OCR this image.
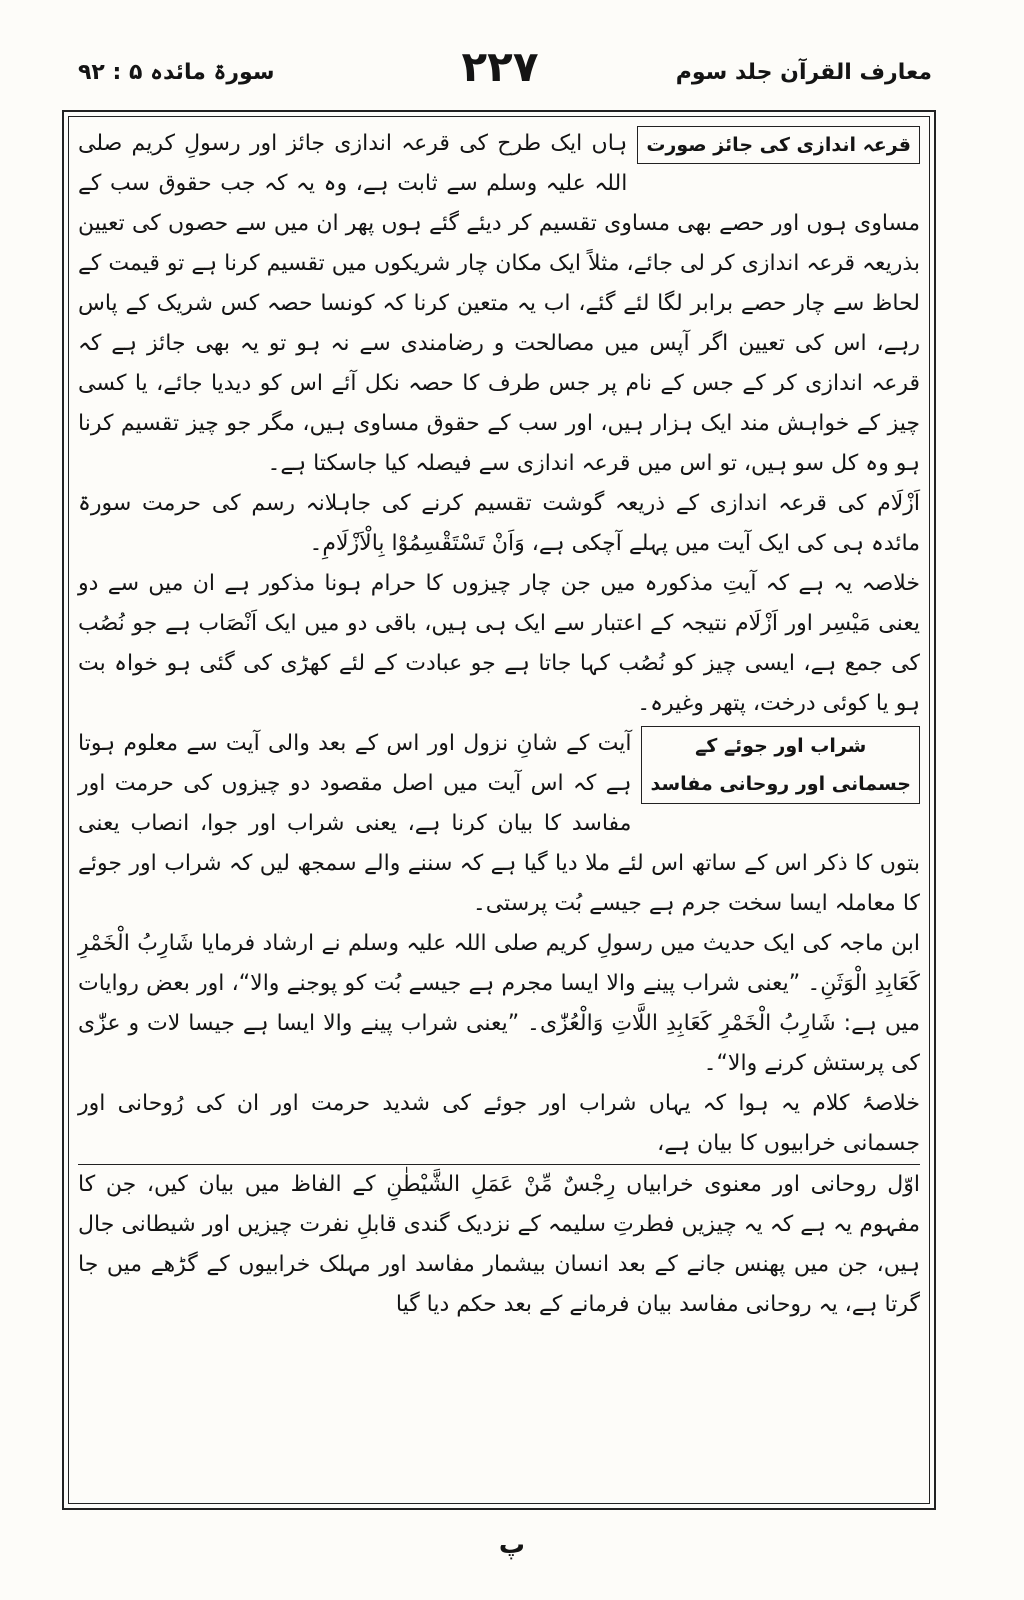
سورۃ مائدہ ۵ : ۹۲	۲۲۷	معارف القرآن جلد سوم
قرعہ اندازی کی جائز صورت

ہاں ایک طرح کی قرعہ اندازی جائز اور رسولِ کریم صلی اللہ علیہ وسلم سے ثابت ہے، وہ یہ کہ جب حقوق سب کے مساوی ہوں اور حصے بھی مساوی تقسیم کر دیئے گئے ہوں پھر ان میں سے حصوں کی تعیین بذریعہ قرعہ اندازی کر لی جائے، مثلاً ایک مکان چار شریکوں میں تقسیم کرنا ہے تو قیمت کے لحاظ سے چار حصے برابر لگا لئے گئے، اب یہ متعین کرنا کہ کونسا حصہ کس شریک کے پاس رہے، اس کی تعیین اگر آپس میں مصالحت و رضامندی سے نہ ہو تو یہ بھی جائز ہے کہ قرعہ اندازی کر کے جس کے نام پر جس طرف کا حصہ نکل آئے اس کو دیدیا جائے، یا کسی چیز کے خواہش مند ایک ہزار ہیں، اور سب کے حقوق مساوی ہیں، مگر جو چیز تقسیم کرنا ہو وہ کل سو ہیں، تو اس میں قرعہ اندازی سے فیصلہ کیا جاسکتا ہے۔

اَزْلَام کی قرعہ اندازی کے ذریعہ گوشت تقسیم کرنے کی جاہلانہ رسم کی حرمت سورۃ مائدہ ہی کی ایک آیت میں پہلے آچکی ہے، وَاَنْ تَسْتَقْسِمُوْا بِالْاَزْلَامِ۔

خلاصہ یہ ہے کہ آیتِ مذکورہ میں جن چار چیزوں کا حرام ہونا مذکور ہے ان میں سے دو یعنی مَیْسِر اور اَزْلَام نتیجہ کے اعتبار سے ایک ہی ہیں، باقی دو میں ایک اَنْصَاب ہے جو نُصُب کی جمع ہے، ایسی چیز کو نُصُب کہا جاتا ہے جو عبادت کے لئے کھڑی کی گئی ہو خواہ بت ہو یا کوئی درخت، پتھر وغیرہ۔

شراب اور جوئے کے
جسمانی اور روحانی مفاسد

آیت کے شانِ نزول اور اس کے بعد والی آیت سے معلوم ہوتا ہے کہ اس آیت میں اصل مقصود دو چیزوں کی حرمت اور مفاسد کا بیان کرنا ہے، یعنی شراب اور جوا، انصاب یعنی بتوں کا ذکر اس کے ساتھ اس لئے ملا دیا گیا ہے کہ سننے والے سمجھ لیں کہ شراب اور جوئے کا معاملہ ایسا سخت جرم ہے جیسے بُت پرستی۔

ابن ماجہ کی ایک حدیث میں رسولِ کریم صلی اللہ علیہ وسلم نے ارشاد فرمایا شَارِبُ الْخَمْرِ کَعَابِدِ الْوَثَنِ۔ ”یعنی شراب پینے والا ایسا مجرم ہے جیسے بُت کو پوجنے والا“، اور بعض روایات میں ہے: شَارِبُ الْخَمْرِ کَعَابِدِ اللَّاتِ وَالْعُزّٰی۔ ”یعنی شراب پینے والا ایسا ہے جیسا لات و عزّٰی کی پرستش کرنے والا“۔

خلاصۂ کلام یہ ہوا کہ یہاں شراب اور جوئے کی شدید حرمت اور ان کی رُوحانی اور جسمانی خرابیوں کا بیان ہے، اوّل روحانی اور معنوی خرابیاں رِجْسٌ مِّنْ عَمَلِ الشَّیْطٰنِ کے الفاظ میں بیان کیں، جن کا مفہوم یہ ہے کہ یہ چیزیں فطرتِ سلیمہ کے نزدیک گندی قابلِ نفرت چیزیں اور شیطانی جال ہیں، جن میں پھنس جانے کے بعد انسان بیشمار مفاسد اور مہلک خرابیوں کے گڑھے میں جا گرتا ہے، یہ روحانی مفاسد بیان فرمانے کے بعد حکم دیا گیا

پ
